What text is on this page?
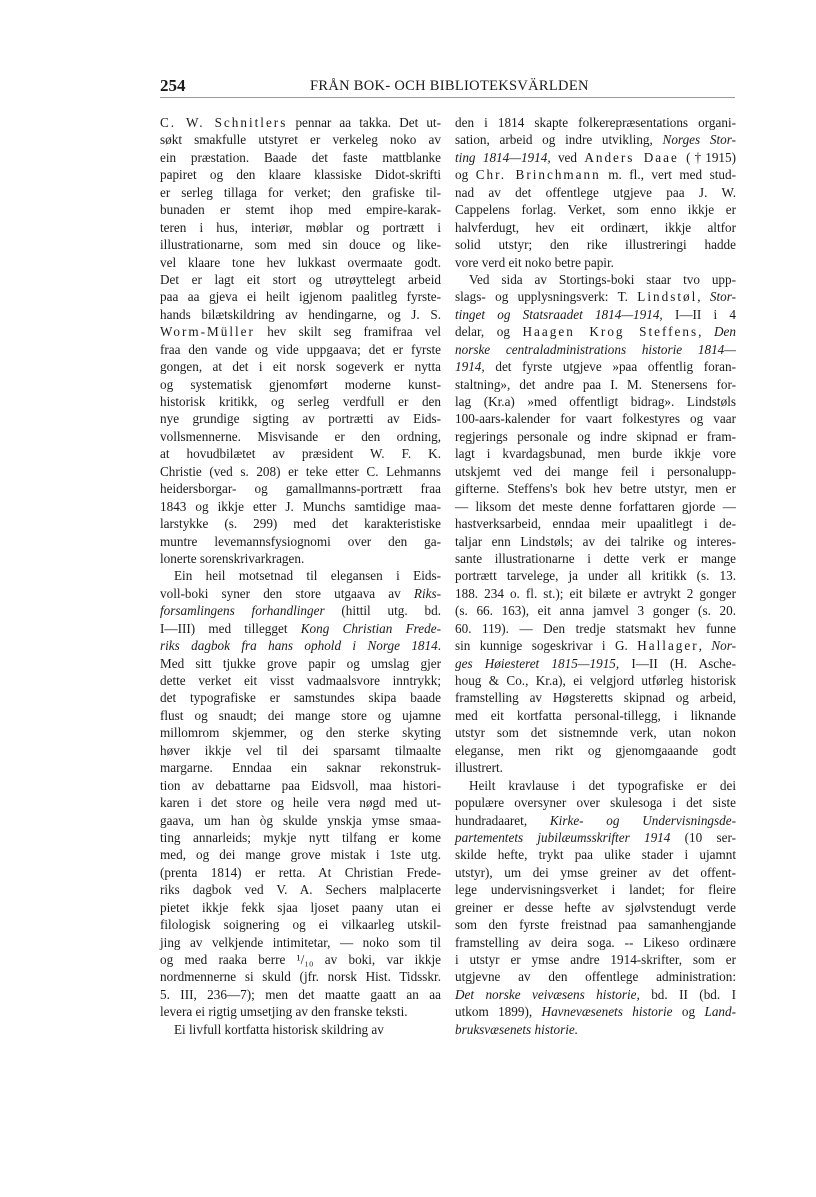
254	FRÅN BOK- OCH BIBLIOTEKSVÄRLDEN
C. W. Schnitlers pennar aa takka. Det ut-
søkt smakfulle utstyret er verkeleg noko av
ein præstation. Baade det faste mattblanke
papiret og den klaare klassiske Didot-skrifti
er serleg tillaga for verket; den grafiske til-
bunaden er stemt ihop med empire-karak-
teren i hus, interiør, møblar og portrætt i
illustrationarne, som med sin douce og like-
vel klaare tone hev lukkast overmaate godt.
Det er lagt eit stort og utrøyttelegt arbeid
paa aa gjeva ei heilt igjenom paalitleg fyrste-
hands bilætskildring av hendingarne, og J. S.
Worm-Müller hev skilt seg framifraa vel
fraa den vande og vide uppgaava; det er fyrste
gongen, at det i eit norsk sogeverk er nytta
og systematisk gjenomført moderne kunst-
historisk kritikk, og serleg verdfull er den
nye grundige sigting av portrætti av Eids-
vollsmennerne. Misvisande er den ordning,
at hovudbilætet av præsident W. F. K.
Christie (ved s. 208) er teke etter C. Lehmanns
heidersborgar- og gamallmanns-portrætt fraa
1843 og ikkje etter J. Munchs samtidige maa-
larstykke (s. 299) med det karakteristiske
muntre levemannsfysiognomi over den ga-
lonerte sorenskrivarkragen.
Ein heil motsetnad til elegansen i Eids-
voll-boki syner den store utgaava av Riks-
forsamlingens forhandlinger (hittil utg. bd.
I—III) med tillegget Kong Christian Frede-
riks dagbok fra hans ophold i Norge 1814.
Med sitt tjukke grove papir og umslag gjer
dette verket eit visst vadmaalsvore inntrykk;
det typografiske er samstundes skipa baade
flust og snaudt; dei mange store og ujamne
millomrom skjemmer, og den sterke skyting
høver ikkje vel til dei sparsamt tilmaalte
margarne. Enndaa ein saknar rekonstruk-
tion av debattarne paa Eidsvoll, maa histori-
karen i det store og heile vera nøgd med ut-
gaava, um han òg skulde ynskja ymse smaa-
ting annarleids; mykje nytt tilfang er kome
med, og dei mange grove mistak i 1ste utg.
(prenta 1814) er retta. At Christian Frede-
riks dagbok ved V. A. Sechers malplacerte
pietet ikkje fekk sjaa ljoset paany utan ei
filologisk soignering og ei vilkaarleg utskil-
jing av velkjende intimitetar, — noko som til
og med raaka berre ¹/₁₀ av boki, var ikkje
nordmennerne si skuld (jfr. norsk Hist. Tidsskr.
5. III, 236—7); men det maatte gaatt an aa
levera ei rigtig umsetjing av den franske teksti.
Ei livfull kortfatta historisk skildring av
den i 1814 skapte folkerepræsentations organi-
sation, arbeid og indre utvikling, Norges Stor-
ting 1814—1914, ved Anders Daae (†1915)
og Chr. Brinchmann m. fl., vert med stud-
nad av det offentlege utgjeve paa J. W.
Cappelens forlag. Verket, som enno ikkje er
halvferdugt, hev eit ordinært, ikkje altfor
solid utstyr; den rike illustreringi hadde
vore verd eit noko betre papir.
Ved sida av Stortings-boki staar tvo upp-
slags- og upplysningsverk: T. Lindstøl, Stor-
tinget og Statsraadet 1814—1914, I—II i 4
delar, og Haagen Krog Steffens, Den
norske centraladministrations historie 1814—
1914, det fyrste utgjeve »paa offentlig foran-
staltning», det andre paa I. M. Stenersens for-
lag (Kr.a) »med offentligt bidrag». Lindstøls
100-aars-kalender for vaart folkestyres og vaar
regjerings personale og indre skipnad er fram-
lagt i kvardagsbunad, men burde ikkje vore
utskjemt ved dei mange feil i personalupp-
gifterne. Steffens's bok hev betre utstyr, men er
— liksom det meste denne forfattaren gjorde —
hastverksarbeid, enndaa meir upaalitlegt i de-
taljar enn Lindstøls; av dei talrike og interes-
sante illustrationarne i dette verk er mange
portrætt tarvelege, ja under all kritikk (s. 13.
188. 234 o. fl. st.); eit bilæte er avtrykt 2 gonger
(s. 66. 163), eit anna jamvel 3 gonger (s. 20.
60. 119). — Den tredje statsmakt hev funne
sin kunnige sogeskrivar i G. Hallager, Nor-
ges Høiesteret 1815—1915, I—II (H. Asche-
houg & Co., Kr.a), ei velgjord utførleg historisk
framstelling av Høgsteretts skipnad og arbeid,
med eit kortfatta personal-tillegg, i liknande
utstyr som det sistnemnde verk, utan nokon
eleganse, men rikt og gjenomgaaande godt
illustrert.
Heilt kravlause i det typografiske er dei
populære oversyner over skulesoga i det siste
hundradaaret, Kirke- og Undervisningsde-
partementets jubilæumsskrifter 1914 (10 ser-
skilde hefte, trykt paa ulike stader i ujamnt
utstyr), um dei ymse greiner av det offent-
lege undervisningsverket i landet; for fleire
greiner er desse hefte av sjølvstendugt verde
som den fyrste freistnad paa samanhengjande
framstelling av deira soga. -- Likeso ordinære
i utstyr er ymse andre 1914-skrifter, som er
utgjevne av den offentlege administration:
Det norske veivæsens historie, bd. II (bd. I
utkom 1899), Havnevæsenets historie og Land-
bruksvæsenets historie.
